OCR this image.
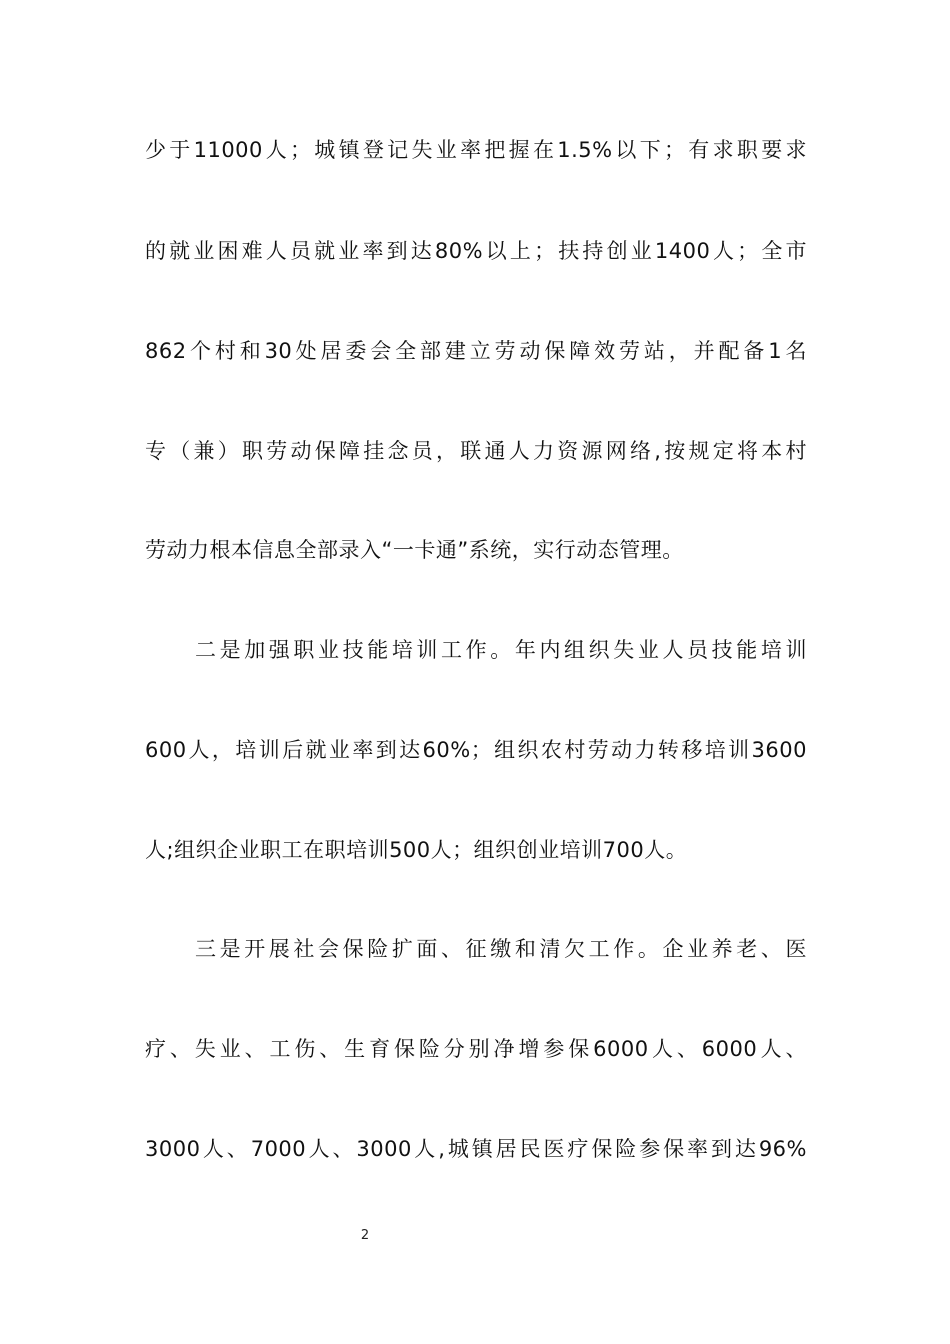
少于11000人；城镇登记失业率把握在1.5%以下；有求职要求
的就业困难人员就业率到达80%以上；扶持创业1400人；全市
862个村和30处居委会全部建立劳动保障效劳站，并配备1名
专（兼）职劳动保障挂念员，联通人力资源网络,按规定将本村
劳动力根本信息全部录入“一卡通”系统，实行动态管理。
二是加强职业技能培训工作。年内组织失业人员技能培训
600人，培训后就业率到达60%；组织农村劳动力转移培训3600
人;组织企业职工在职培训500人；组织创业培训700人。
三是开展社会保险扩面、征缴和清欠工作。企业养老、医
疗、失业、工伤、生育保险分别净增参保6000人、6000人、
3000人、7000人、3000人,城镇居民医疗保险参保率到达96%
2
